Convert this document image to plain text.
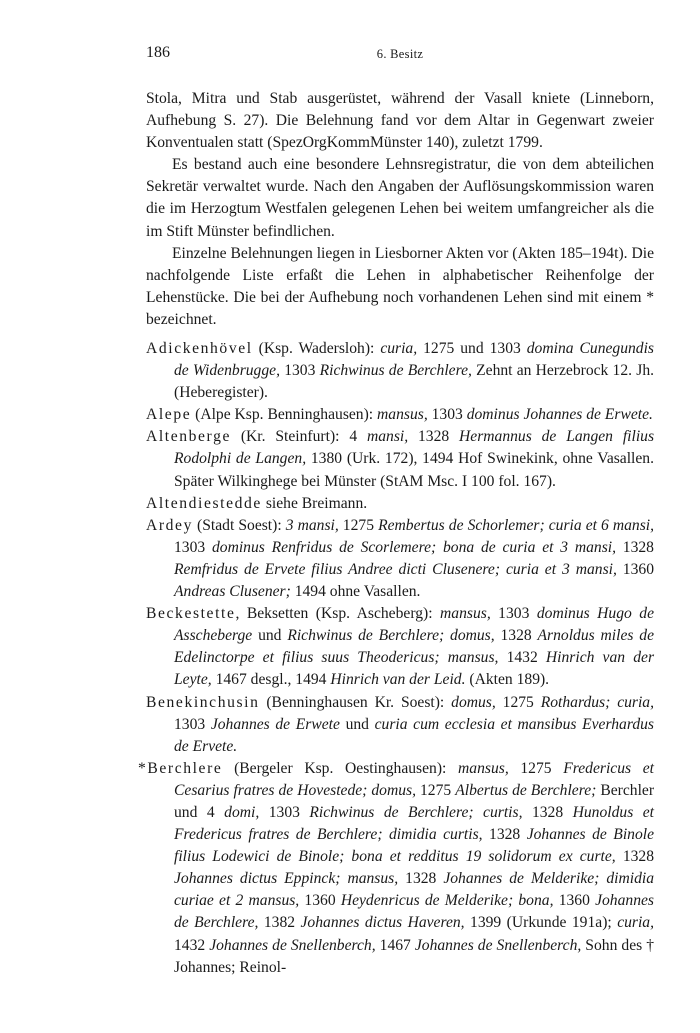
186	6. Besitz

Stola, Mitra und Stab ausgerüstet, während der Vasall kniete (Linneborn, Aufhebung S. 27). Die Belehnung fand vor dem Altar in Gegenwart zweier Konventualen statt (SpezOrgKommMünster 140), zuletzt 1799.

Es bestand auch eine besondere Lehnsregistratur, die von dem abteilichen Sekretär verwaltet wurde. Nach den Angaben der Auflösungskommission waren die im Herzogtum Westfalen gelegenen Lehen bei weitem umfangreicher als die im Stift Münster befindlichen.

Einzelne Belehnungen liegen in Liesborner Akten vor (Akten 185–194t). Die nachfolgende Liste erfaßt die Lehen in alphabetischer Reihenfolge der Lehenstücke. Die bei der Aufhebung noch vorhandenen Lehen sind mit einem * bezeichnet.

Adickenhövel (Ksp. Wadersloh): curia, 1275 und 1303 domina Cunegundis de Widenbrugge, 1303 Richwinus de Berchlere, Zehnt an Herzebrock 12. Jh. (Heberegister).

Alepe (Alpe Ksp. Benninghausen): mansus, 1303 dominus Johannes de Erwete.

Altenberge (Kr. Steinfurt): 4 mansi, 1328 Hermannus de Langen filius Rodolphi de Langen, 1380 (Urk. 172), 1494 Hof Swinekink, ohne Vasallen. Später Wilkinghege bei Münster (StAM Msc. I 100 fol. 167).

Altendiestedde siehe Breimann.

Ardey (Stadt Soest): 3 mansi, 1275 Rembertus de Schorlemer; curia et 6 mansi, 1303 dominus Renfridus de Scorlemere; bona de curia et 3 mansi, 1328 Remfridus de Ervete filius Andree dicti Clusenere; curia et 3 mansi, 1360 Andreas Clusener; 1494 ohne Vasallen.

Beckestette, Beksetten (Ksp. Ascheberg): mansus, 1303 dominus Hugo de Asscheberge und Richwinus de Berchlere; domus, 1328 Arnoldus miles de Edelinctorpe et filius suus Theodericus; mansus, 1432 Hinrich van der Leyte, 1467 desgl., 1494 Hinrich van der Leid. (Akten 189).

Benekinchusin (Benninghausen Kr. Soest): domus, 1275 Rothardus; curia, 1303 Johannes de Erwete und curia cum ecclesia et mansibus Everhardus de Ervete.

*Berchlere (Bergeler Ksp. Oestinghausen): mansus, 1275 Fredericus et Cesarius fratres de Hovestede; domus, 1275 Albertus de Berchlere; Berchler und 4 domi, 1303 Richwinus de Berchlere; curtis, 1328 Hunoldus et Fredericus fratres de Berchlere; dimidia curtis, 1328 Johannes de Binole filius Lodewici de Binole; bona et redditus 19 solidorum ex curte, 1328 Johannes dictus Eppinck; mansus, 1328 Johannes de Melderike; dimidia curiae et 2 mansus, 1360 Heydenricus de Melderike; bona, 1360 Johannes de Berchlere, 1382 Johannes dictus Haveren, 1399 (Urkunde 191a); curia, 1432 Johannes de Snellenberch, 1467 Johannes de Snellenberch, Sohn des † Johannes; Reinol-
